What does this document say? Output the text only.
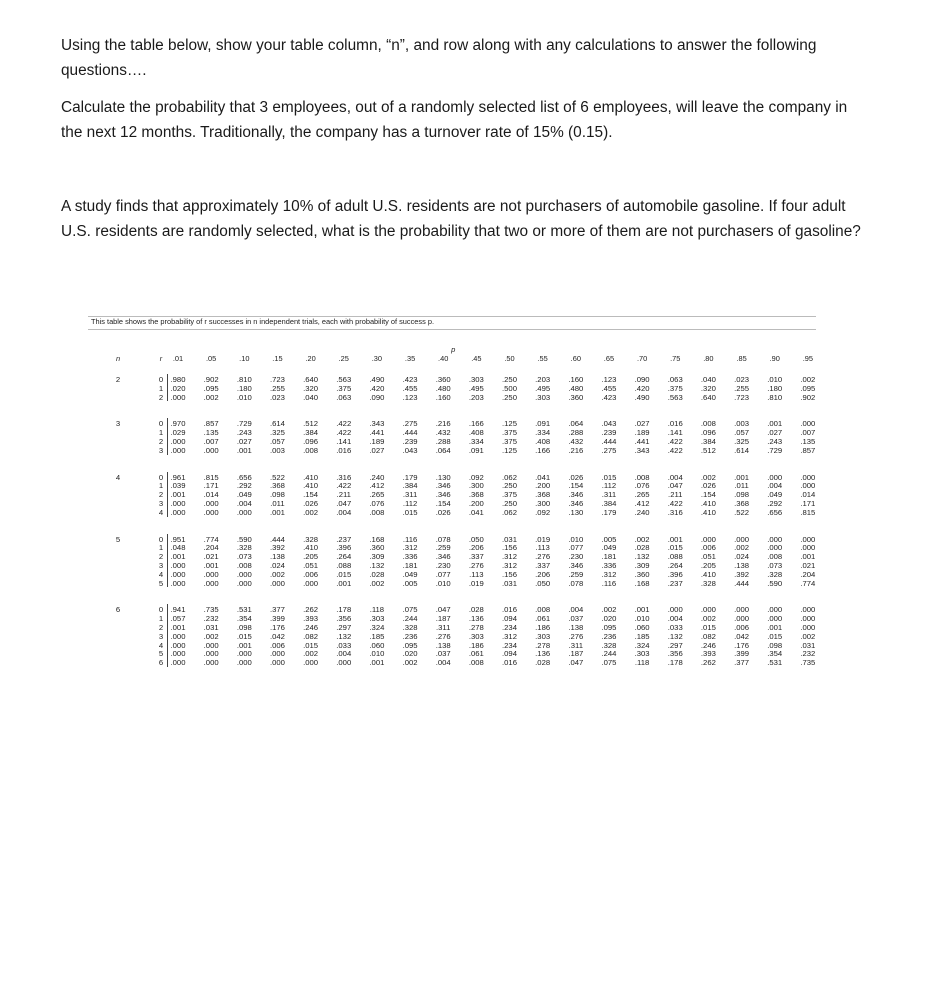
Using the table below, show your table column, “n”, and row along with any calculations to answer the following questions….

Calculate the probability that 3 employees, out of a randomly selected list of 6 employees, will leave the company in the next 12 months. Traditionally, the company has a turnover rate of 15% (0.15).

A study finds that approximately 10% of adult U.S. residents are not purchasers of automobile gasoline. If four adult U.S. residents are randomly selected, what is the probability that two or more of them are not purchasers of gasoline?

This table shows the probability of r successes in n independent trials, each with probability of success p.
p
n	r .01	.05	.10	.15	.20	.25	.30	.35	.40	.45	.50	.55	.60	.65	.70	.75	.80	.85	.90	.95
2	0 .980 .902 .810 .723 .640 .563 .490 .423 .360 .303 .250 .203 .160 .123 .090 .063 .040 .023 .010 .002
1 .020 .095 .180 .255 .320 .375 .420 .455 .480 .495 .500 .495 .480 .455 .420 .375 .320 .255 .180 .095
2 .000 .002 .010 .023 .040 .063 .090 .123 .160 .203 .250 .303 .360 .423 .490 .563 .640 .723 .810 .902
3	0 .970 .857 .729 .614 .512 .422 .343 .275 .216 .166 .125 .091 .064 .043 .027 .016 .008 .003 .001 .000
1 .029 .135 .243 .325 .384 .422 .441 .444 .432 .408 .375 .334 .288 .239 .189 .141 .096 .057 .027 .007
2 .000 .007 .027 .057 .096 .141 .189 .239 .288 .334 .375 .408 .432 .444 .441 .422 .384 .325 .243 .135
3 .000 .000 .001 .003 .008 .016 .027 .043 .064 .091 .125 .166 .216 .275 .343 .422 .512 .614 .729 .857
4	0 .961 .815 .656 .522 .410 .316 .240 .179 .130 .092 .062 .041 .026 .015 .008 .004 .002 .001 .000 .000
1 .039 .171 .292 .368 .410 .422 .412 .384 .346 .300 .250 .200 .154 .112 .076 .047 .026 .011 .004 .000
2 .001 .014 .049 .098 .154 .211 .265 .311 .346 .368 .375 .368 .346 .311 .265 .211 .154 .098 .049 .014
3 .000 .000 .004 .011 .026 .047 .076 .112 .154 .200 .250 .300 .346 .384 .412 .422 .410 .368 .292 .171
4 .000 .000 .000 .001 .002 .004 .008 .015 .026 .041 .062 .092 .130 .179 .240 .316 .410 .522 .656 .815
5	0 .951 .774 .590 .444 .328 .237 .168 .116 .078 .050 .031 .019 .010 .005 .002 .001 .000 .000 .000 .000
1 .048 .204 .328 .392 .410 .396 .360 .312 .259 .206 .156 .113 .077 .049 .028 .015 .006 .002 .000 .000
2 .001 .021 .073 .138 .205 .264 .309 .336 .346 .337 .312 .276 .230 .181 .132 .088 .051 .024 .008 .001
3 .000 .001 .008 .024 .051 .088 .132 .181 .230 .276 .312 .337 .346 .336 .309 .264 .205 .138 .073 .021
4 .000 .000 .000 .002 .006 .015 .028 .049 .077 .113 .156 .206 .259 .312 .360 .396 .410 .392 .328 .204
5 .000 .000 .000 .000 .000 .001 .002 .005 .010 .019 .031 .050 .078 .116 .168 .237 .328 .444 .590 .774
6	0 .941 .735 .531 .377 .262 .178 .118 .075 .047 .028 .016 .008 .004 .002 .001 .000 .000 .000 .000 .000
1 .057 .232 .354 .399 .393 .356 .303 .244 .187 .136 .094 .061 .037 .020 .010 .004 .002 .000 .000 .000
2 .001 .031 .098 .176 .246 .297 .324 .328 .311 .278 .234 .186 .138 .095 .060 .033 .015 .006 .001 .000
3 .000 .002 .015 .042 .082 .132 .185 .236 .276 .303 .312 .303 .276 .236 .185 .132 .082 .042 .015 .002
4 .000 .000 .001 .006 .015 .033 .060 .095 .138 .186 .234 .278 .311 .328 .324 .297 .246 .176 .098 .031
5 .000 .000 .000 .000 .002 .004 .010 .020 .037 .061 .094 .136 .187 .244 .303 .356 .393 .399 .354 .232
6 .000 .000 .000 .000 .000 .000 .001 .002 .004 .008 .016 .028 .047 .075 .118 .178 .262 .377 .531 .735
